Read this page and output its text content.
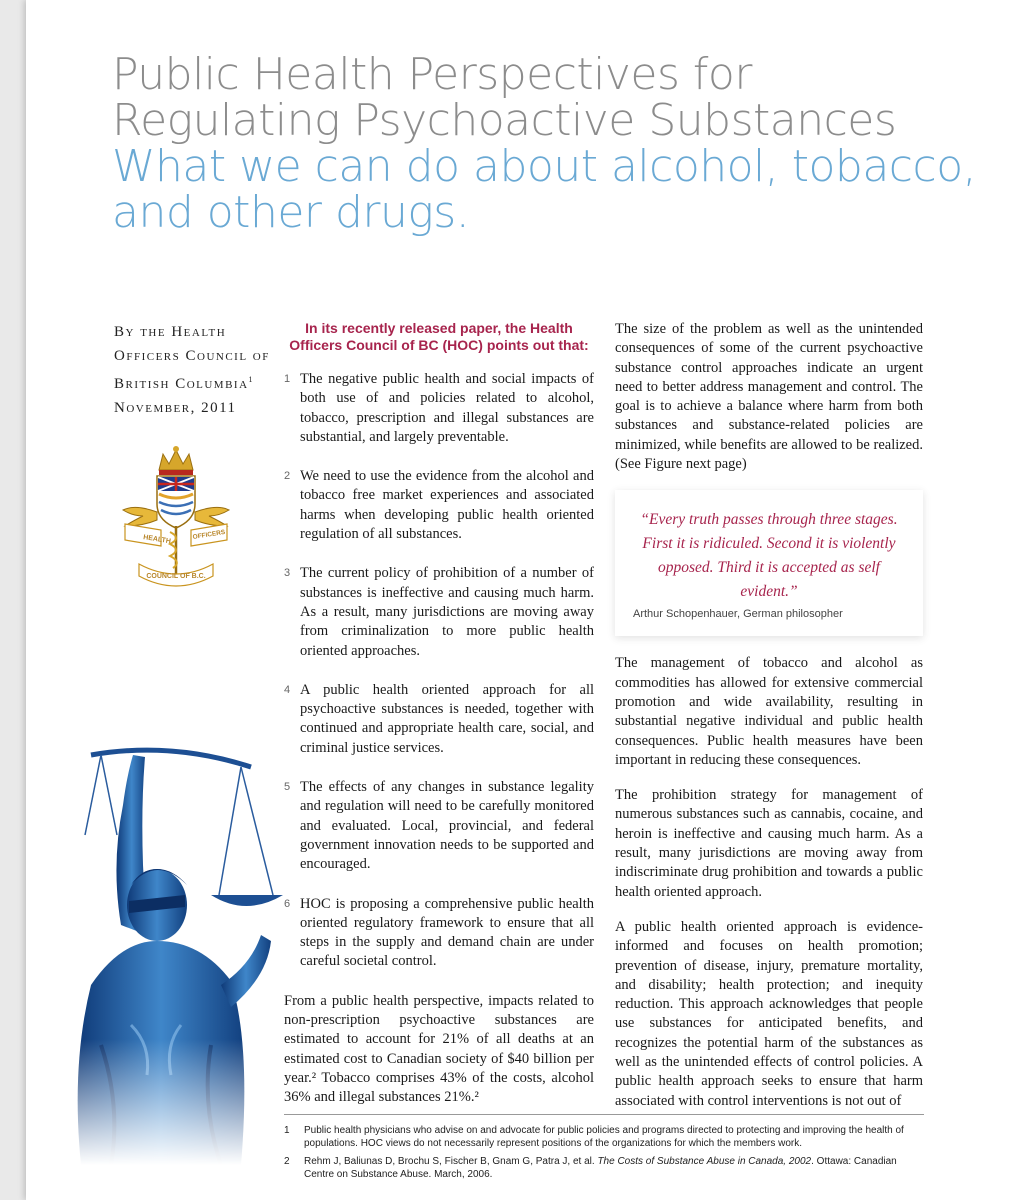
Public Health Perspectives for Regulating Psychoactive Substances
What we can do about alcohol, tobacco, and other drugs.
By the Health
Officers Council of
British Columbia$^1$
November, 2011
HEALTH	OFFICERS
COUNCIL OF B.C.

In its recently released paper, the Health Officers Council of BC (HOC) points out that:

1 The negative public health and social impacts of both use of and policies related to alcohol, tobacco, prescription and illegal substances are substantial, and largely preventable.

2 We need to use the evidence from the alcohol and tobacco free market experiences and associated harms when developing public health oriented regulation of all substances.

3 The current policy of prohibition of a number of substances is ineffective and causing much harm. As a result, many jurisdictions are moving away from criminalization to more public health oriented approaches.

4 A public health oriented approach for all psychoactive substances is needed, together with continued and appropriate health care, social, and criminal justice services.

5 The effects of any changes in substance legality and regulation will need to be carefully monitored and evaluated. Local, provincial, and federal government innovation needs to be supported and encouraged.

6 HOC is proposing a comprehensive public health oriented regulatory framework to ensure that all steps in the supply and demand chain are under careful societal control.

From a public health perspective, impacts related to non-prescription psychoactive substances are estimated to account for 21% of all deaths at an estimated cost to Canadian society of $40 billion per year.² Tobacco comprises 43% of the costs, alcohol 36% and illegal substances 21%.²

The size of the problem as well as the unintended consequences of some of the current psychoactive substance control approaches indicate an urgent need to better address management and control. The goal is to achieve a balance where harm from both substances and substance-related policies are minimized, while benefits are allowed to be realized. (See Figure next page)

“Every truth passes through three stages. First it is ridiculed. Second it is violently opposed. Third it is accepted as self evident.”

Arthur Schopenhauer, German philosopher

The management of tobacco and alcohol as commodities has allowed for extensive commercial promotion and wide availability, resulting in substantial negative individual and public health consequences. Public health measures have been important in reducing these consequences.

The prohibition strategy for management of numerous substances such as cannabis, cocaine, and heroin is ineffective and causing much harm. As a result, many jurisdictions are moving away from indiscriminate drug prohibition and towards a public health oriented approach.

A public health oriented approach is evidence-informed and focuses on health promotion; prevention of disease, injury, premature mortality, and disability; health protection; and inequity reduction. This approach acknowledges that people use substances for anticipated benefits, and recognizes the potential harm of the substances as well as the unintended effects of control policies. A public health approach seeks to ensure that harm associated with control interventions is not out of

1	Public health physicians who advise on and advocate for public policies and programs directed to protecting and improving the health of populations. HOC views do not necessarily represent positions of the organizations for which the members work.

2	Rehm J, Baliunas D, Brochu S, Fischer B, Gnam G, Patra J, et al. The Costs of Substance Abuse in Canada, 2002. Ottawa: Canadian Centre on Substance Abuse. March, 2006.
